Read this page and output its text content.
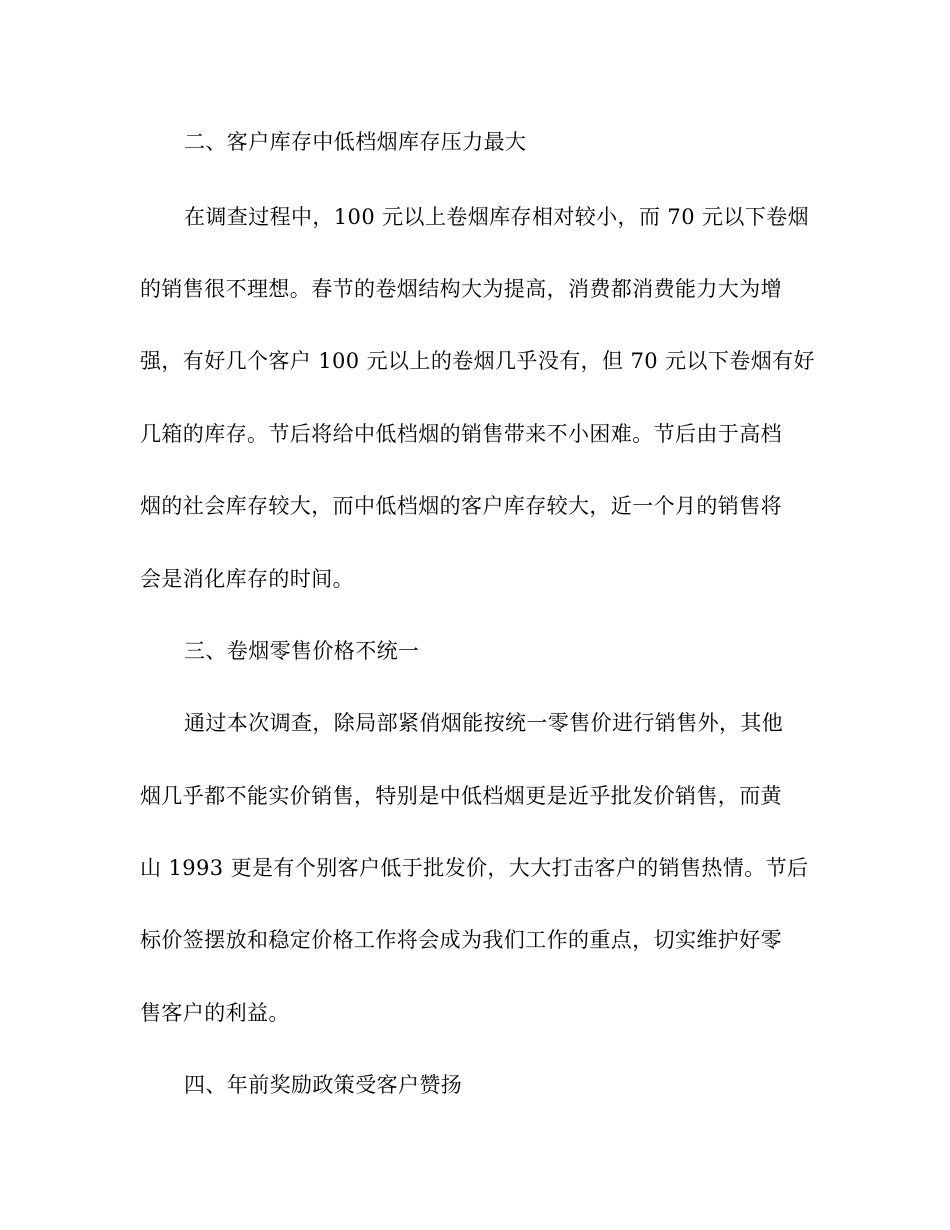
二、客户库存中低档烟库存压力最大
在调查过程中，100 元以上卷烟库存相对较小，而 70 元以下卷烟
的销售很不理想。春节的卷烟结构大为提高，消费都消费能力大为增
强，有好几个客户 100 元以上的卷烟几乎没有，但 70 元以下卷烟有好
几箱的库存。节后将给中低档烟的销售带来不小困难。节后由于高档
烟的社会库存较大，而中低档烟的客户库存较大，近一个月的销售将
会是消化库存的时间。
三、卷烟零售价格不统一
通过本次调查，除局部紧俏烟能按统一零售价进行销售外，其他
烟几乎都不能实价销售，特别是中低档烟更是近乎批发价销售，而黄
山 1993 更是有个别客户低于批发价，大大打击客户的销售热情。节后
标价签摆放和稳定价格工作将会成为我们工作的重点，切实维护好零
售客户的利益。
四、年前奖励政策受客户赞扬
